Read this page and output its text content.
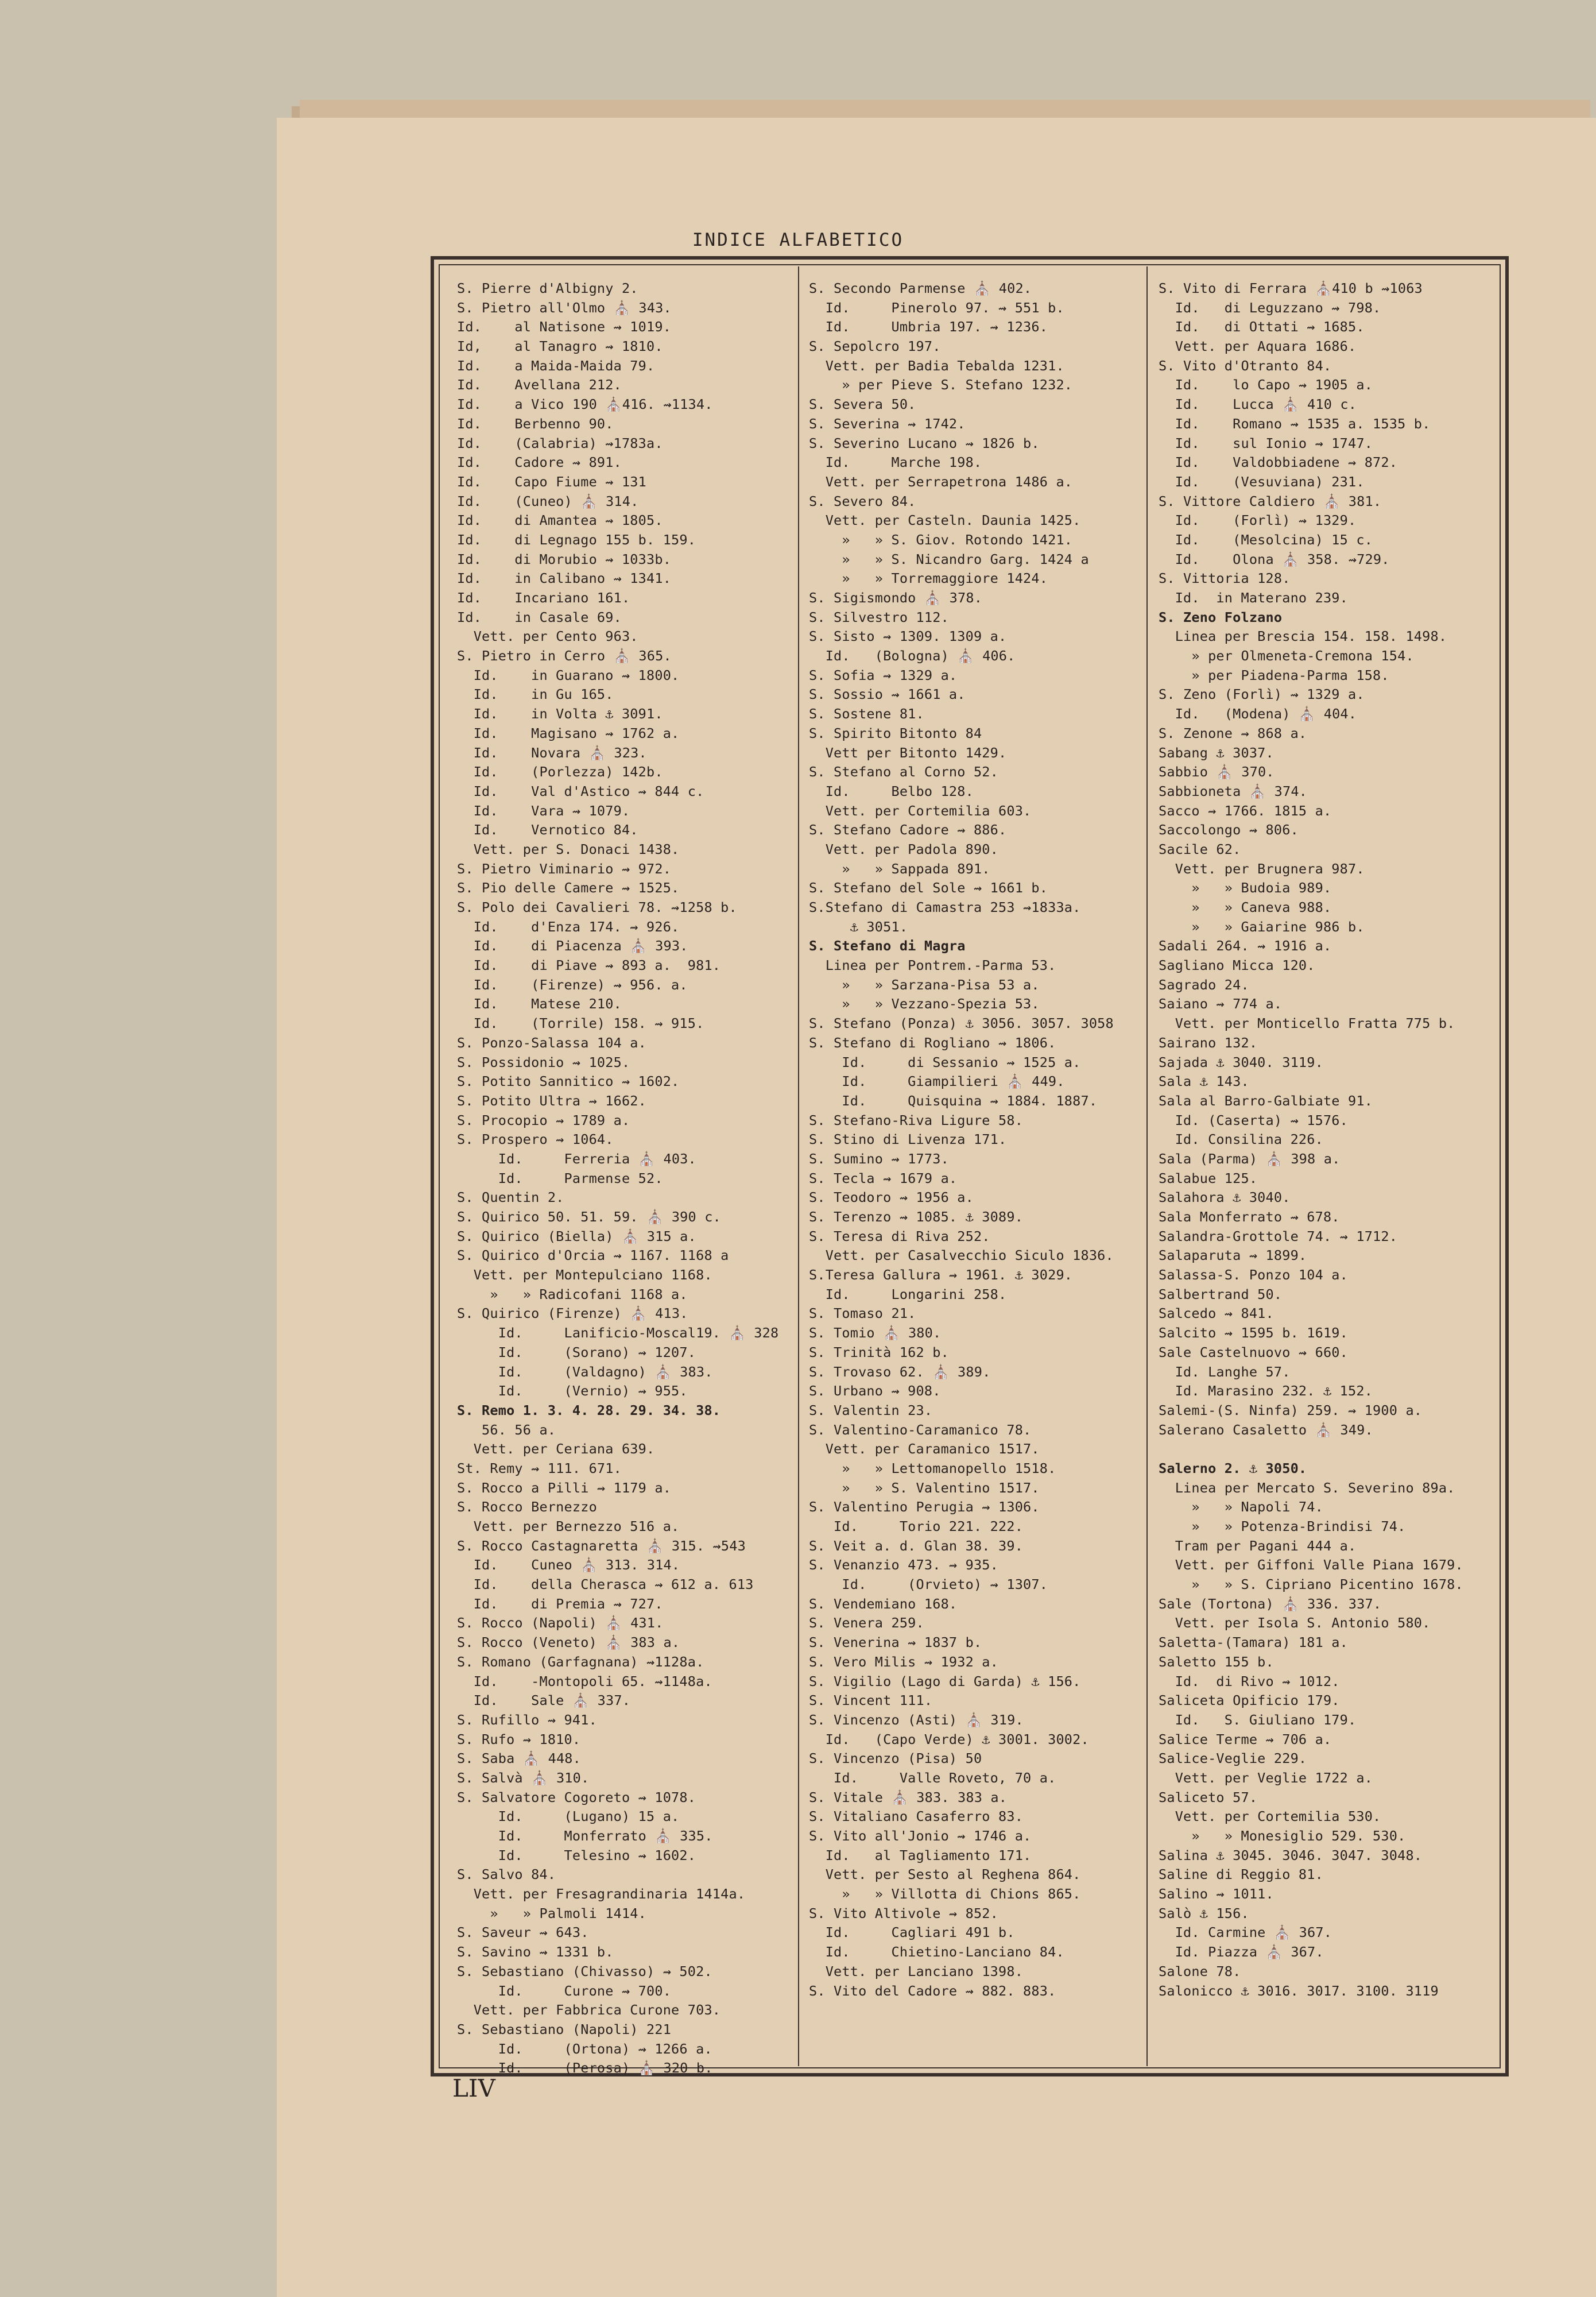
INDICE ALFABETICO
S. Pierre d'Albigny 2.
S. Pietro all'Olmo ⛪ 343.
Id.    al Natisone ⇝ 1019.
Id,    al Tanagro ⇝ 1810.
Id.    a Maida-Maida 79.
Id.    Avellana 212.
Id.    a Vico 190 ⛪416. ⇝1134.
Id.    Berbenno 90.
Id.    (Calabria) ⇝1783a.
Id.    Cadore ⇝ 891.
Id.    Capo Fiume ⇝ 131
Id.    (Cuneo) ⛪ 314.
Id.    di Amantea ⇝ 1805.
Id.    di Legnago 155 b. 159.
Id.    di Morubio ⇝ 1033b.
Id.    in Calibano ⇝ 1341.
Id.    Incariano 161.
Id.    in Casale 69.
Vett. per Cento 963.
S. Pietro in Cerro ⛪ 365.
Id.    in Guarano ⇝ 1800.
Id.    in Gu 165.
Id.    in Volta ⚓ 3091.
Id.    Magisano ⇝ 1762 a.
Id.    Novara ⛪ 323.
Id.    (Porlezza) 142b.
Id.    Val d'Astico ⇝ 844 c.
Id.    Vara ⇝ 1079.
Id.    Vernotico 84.
Vett. per S. Donaci 1438.
S. Pietro Viminario ⇝ 972.
S. Pio delle Camere ⇝ 1525.
S. Polo dei Cavalieri 78. ⇝1258 b.
Id.    d'Enza 174. ⇝ 926.
Id.    di Piacenza ⛪ 393.
Id.    di Piave ⇝ 893 a.  981.
Id.    (Firenze) ⇝ 956. a.
Id.    Matese 210.
Id.    (Torrile) 158. ⇝ 915.
S. Ponzo-Salassa 104 a.
S. Possidonio ⇝ 1025.
S. Potito Sannitico ⇝ 1602.
S. Potito Ultra ⇝ 1662.
S. Procopio ⇝ 1789 a.
S. Prospero ⇝ 1064.
Id.     Ferreria ⛪ 403.
Id.     Parmense 52.
S. Quentin 2.
S. Quirico 50. 51. 59. ⛪ 390 c.
S. Quirico (Biella) ⛪ 315 a.
S. Quirico d'Orcia ⇝ 1167. 1168 a
Vett. per Montepulciano 1168.
»   » Radicofani 1168 a.
S. Quirico (Firenze) ⛪ 413.
Id.     Lanificio-Moscal19. ⛪ 328
Id.     (Sorano) ⇝ 1207.
Id.     (Valdagno) ⛪ 383.
Id.     (Vernio) ⇝ 955.
S. Remo 1. 3. 4. 28. 29. 34. 38.
56. 56 a.
Vett. per Ceriana 639.
St. Remy ⇝ 111. 671.
S. Rocco a Pilli ⇝ 1179 a.
S. Rocco Bernezzo
Vett. per Bernezzo 516 a.
S. Rocco Castagnaretta ⛪ 315. ⇝543
Id.    Cuneo ⛪ 313. 314.
Id.    della Cherasca ⇝ 612 a. 613
Id.    di Premia ⇝ 727.
S. Rocco (Napoli) ⛪ 431.
S. Rocco (Veneto) ⛪ 383 a.
S. Romano (Garfagnana) ⇝1128a.
Id.    -Montopoli 65. ⇝1148a.
Id.    Sale ⛪ 337.
S. Rufillo ⇝ 941.
S. Rufo ⇝ 1810.
S. Saba ⛪ 448.
S. Salvà ⛪ 310.
S. Salvatore Cogoreto ⇝ 1078.
Id.     (Lugano) 15 a.
Id.     Monferrato ⛪ 335.
Id.     Telesino ⇝ 1602.
S. Salvo 84.
Vett. per Fresagrandinaria 1414a.
»   » Palmoli 1414.
S. Saveur ⇝ 643.
S. Savino ⇝ 1331 b.
S. Sebastiano (Chivasso) ⇝ 502.
Id.     Curone ⇝ 700.
Vett. per Fabbrica Curone 703.
S. Sebastiano (Napoli) 221
Id.     (Ortona) ⇝ 1266 a.
Id.     (Perosa) ⛪ 320 b.
S. Secondo Parmense ⛪ 402.
Id.     Pinerolo 97. ⇝ 551 b.
Id.     Umbria 197. ⇝ 1236.
S. Sepolcro 197.
Vett. per Badia Tebalda 1231.
» per Pieve S. Stefano 1232.
S. Severa 50.
S. Severina ⇝ 1742.
S. Severino Lucano ⇝ 1826 b.
Id.     Marche 198.
Vett. per Serrapetrona 1486 a.
S. Severo 84.
Vett. per Casteln. Daunia 1425.
»   » S. Giov. Rotondo 1421.
»   » S. Nicandro Garg. 1424 a
»   » Torremaggiore 1424.
S. Sigismondo ⛪ 378.
S. Silvestro 112.
S. Sisto ⇝ 1309. 1309 a.
Id.   (Bologna) ⛪ 406.
S. Sofia ⇝ 1329 a.
S. Sossio ⇝ 1661 a.
S. Sostene 81.
S. Spirito Bitonto 84
Vett per Bitonto 1429.
S. Stefano al Corno 52.
Id.     Belbo 128.
Vett. per Cortemilia 603.
S. Stefano Cadore ⇝ 886.
Vett. per Padola 890.
»   » Sappada 891.
S. Stefano del Sole ⇝ 1661 b.
S.Stefano di Camastra 253 ⇝1833a.
⚓ 3051.
S. Stefano di Magra
Linea per Pontrem.-Parma 53.
»   » Sarzana-Pisa 53 a.
»   » Vezzano-Spezia 53.
S. Stefano (Ponza) ⚓ 3056. 3057. 3058
S. Stefano di Rogliano ⇝ 1806.
Id.     di Sessanio ⇝ 1525 a.
Id.     Giampilieri ⛪ 449.
Id.     Quisquina ⇝ 1884. 1887.
S. Stefano-Riva Ligure 58.
S. Stino di Livenza 171.
S. Sumino ⇝ 1773.
S. Tecla ⇝ 1679 a.
S. Teodoro ⇝ 1956 a.
S. Terenzo ⇝ 1085. ⚓ 3089.
S. Teresa di Riva 252.
Vett. per Casalvecchio Siculo 1836.
S.Teresa Gallura ⇝ 1961. ⚓ 3029.
Id.     Longarini 258.
S. Tomaso 21.
S. Tomio ⛪ 380.
S. Trinità 162 b.
S. Trovaso 62. ⛪ 389.
S. Urbano ⇝ 908.
S. Valentin 23.
S. Valentino-Caramanico 78.
Vett. per Caramanico 1517.
»   » Lettomanopello 1518.
»   » S. Valentino 1517.
S. Valentino Perugia ⇝ 1306.
Id.     Torio 221. 222.
S. Veit a. d. Glan 38. 39.
S. Venanzio 473. ⇝ 935.
Id.     (Orvieto) ⇝ 1307.
S. Vendemiano 168.
S. Venera 259.
S. Venerina ⇝ 1837 b.
S. Vero Milis ⇝ 1932 a.
S. Vigilio (Lago di Garda) ⚓ 156.
S. Vincent 111.
S. Vincenzo (Asti) ⛪ 319.
Id.   (Capo Verde) ⚓ 3001. 3002.
S. Vincenzo (Pisa) 50
Id.     Valle Roveto, 70 a.
S. Vitale ⛪ 383. 383 a.
S. Vitaliano Casaferro 83.
S. Vito all'Jonio ⇝ 1746 a.
Id.   al Tagliamento 171.
Vett. per Sesto al Reghena 864.
»   » Villotta di Chions 865.
S. Vito Altivole ⇝ 852.
Id.     Cagliari 491 b.
Id.     Chietino-Lanciano 84.
Vett. per Lanciano 1398.
S. Vito del Cadore ⇝ 882. 883.
S. Vito di Ferrara ⛪410 b ⇝1063
Id.   di Leguzzano ⇝ 798.
Id.   di Ottati ⇝ 1685.
Vett. per Aquara 1686.
S. Vito d'Otranto 84.
Id.    lo Capo ⇝ 1905 a.
Id.    Lucca ⛪ 410 c.
Id.    Romano ⇝ 1535 a. 1535 b.
Id.    sul Ionio ⇝ 1747.
Id.    Valdobbiadene ⇝ 872.
Id.    (Vesuviana) 231.
S. Vittore Caldiero ⛪ 381.
Id.    (Forlì) ⇝ 1329.
Id.    (Mesolcina) 15 c.
Id.    Olona ⛪ 358. ⇝729.
S. Vittoria 128.
Id.  in Materano 239.
S. Zeno Folzano
Linea per Brescia 154. 158. 1498.
» per Olmeneta-Cremona 154.
» per Piadena-Parma 158.
S. Zeno (Forlì) ⇝ 1329 a.
Id.   (Modena) ⛪ 404.
S. Zenone ⇝ 868 a.
Sabang ⚓ 3037.
Sabbio ⛪ 370.
Sabbioneta ⛪ 374.
Sacco ⇝ 1766. 1815 a.
Saccolongo ⇝ 806.
Sacile 62.
Vett. per Brugnera 987.
»   » Budoia 989.
»   » Caneva 988.
»   » Gaiarine 986 b.
Sadali 264. ⇝ 1916 a.
Sagliano Micca 120.
Sagrado 24.
Saiano ⇝ 774 a.
Vett. per Monticello Fratta 775 b.
Sairano 132.
Sajada ⚓ 3040. 3119.
Sala ⚓ 143.
Sala al Barro-Galbiate 91.
Id. (Caserta) ⇝ 1576.
Id. Consilina 226.
Sala (Parma) ⛪ 398 a.
Salabue 125.
Salahora ⚓ 3040.
Sala Monferrato ⇝ 678.
Salandra-Grottole 74. ⇝ 1712.
Salaparuta ⇝ 1899.
Salassa-S. Ponzo 104 a.
Salbertrand 50.
Salcedo ⇝ 841.
Salcito ⇝ 1595 b. 1619.
Sale Castelnuovo ⇝ 660.
Id. Langhe 57.
Id. Marasino 232. ⚓ 152.
Salemi-(S. Ninfa) 259. ⇝ 1900 a.
Salerano Casaletto ⛪ 349.
Salerno 2. ⚓ 3050.
Linea per Mercato S. Severino 89a.
»   » Napoli 74.
»   » Potenza-Brindisi 74.
Tram per Pagani 444 a.
Vett. per Giffoni Valle Piana 1679.
»   » S. Cipriano Picentino 1678.
Sale (Tortona) ⛪ 336. 337.
Vett. per Isola S. Antonio 580.
Saletta-(Tamara) 181 a.
Saletto 155 b.
Id.  di Rivo ⇝ 1012.
Saliceta Opificio 179.
Id.   S. Giuliano 179.
Salice Terme ⇝ 706 a.
Salice-Veglie 229.
Vett. per Veglie 1722 a.
Saliceto 57.
Vett. per Cortemilia 530.
»   » Monesiglio 529. 530.
Salina ⚓ 3045. 3046. 3047. 3048.
Saline di Reggio 81.
Salino ⇝ 1011.
Salò ⚓ 156.
Id. Carmine ⛪ 367.
Id. Piazza ⛪ 367.
Salone 78.
Salonicco ⚓ 3016. 3017. 3100. 3119
LIV
